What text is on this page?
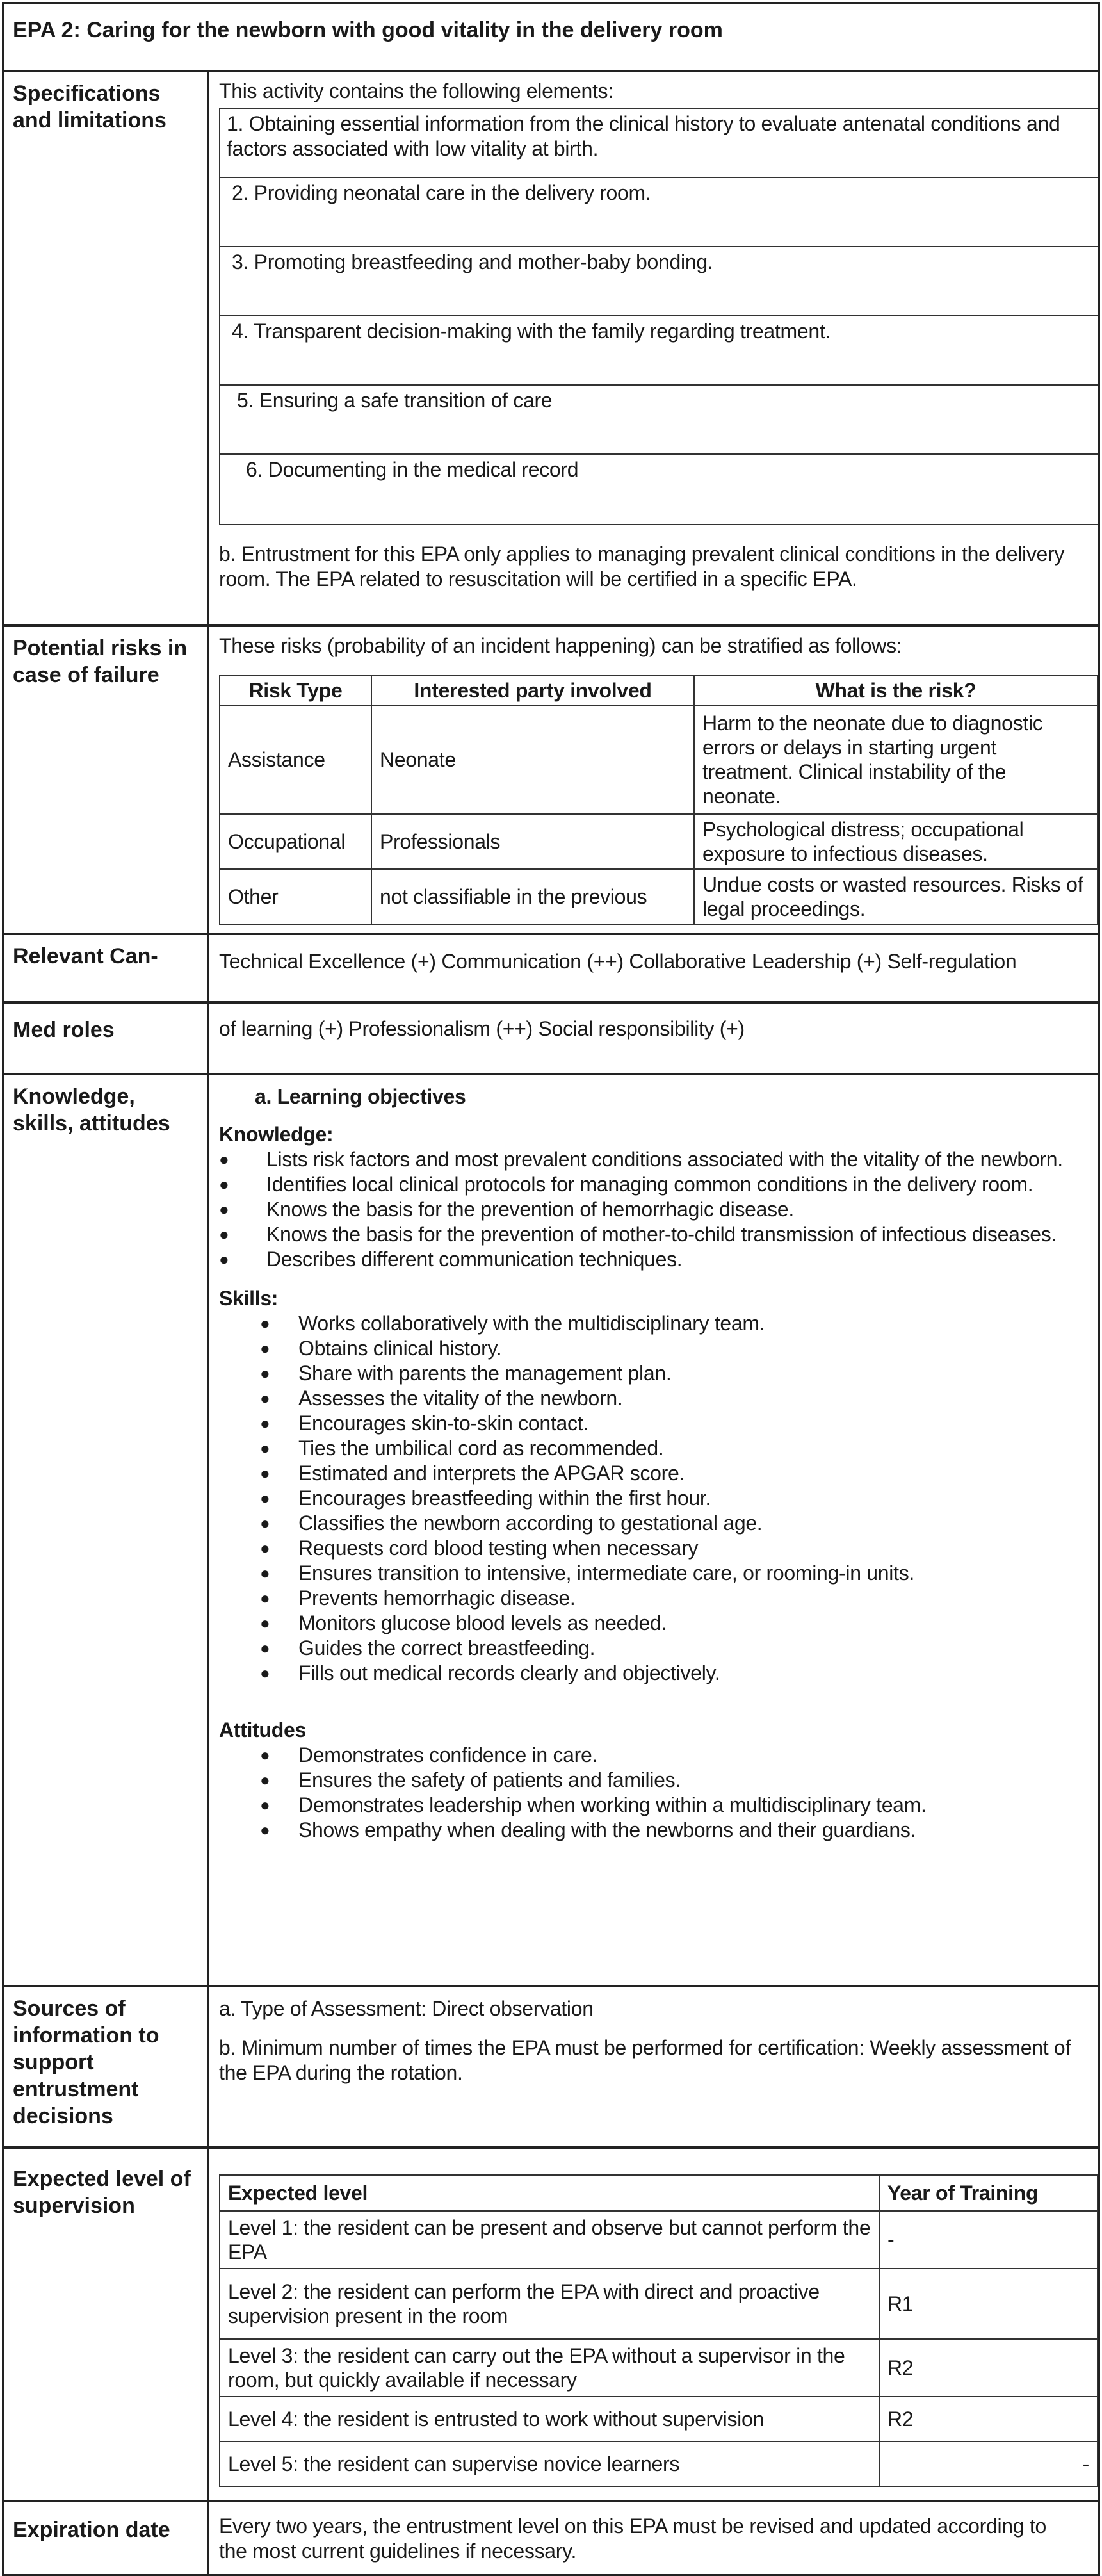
EPA 2: Caring for the newborn with good vitality in the delivery room
Specifications and limitations
This activity contains the following elements:
1. Obtaining essential information from the clinical history to evaluate antenatal conditions and factors associated with low vitality at birth.
2. Providing neonatal care in the delivery room.
3. Promoting breastfeeding and mother-baby bonding.
4. Transparent decision-making with the family regarding treatment.
5. Ensuring a safe transition of care
6. Documenting in the medical record
b. Entrustment for this EPA only applies to managing prevalent clinical conditions in the delivery room. The EPA related to resuscitation will be certified in a specific EPA.
Potential risks in case of failure
These risks (probability of an incident happening) can be stratified as follows:
Risk Type	Interested party involved	What is the risk?
Assistance	Neonate	Harm to the neonate due to diagnostic errors or delays in starting urgent treatment. Clinical instability of the neonate.
Occupational	Professionals	Psychological distress; occupational exposure to infectious diseases.
Other	not classifiable in the previous	Undue costs or wasted resources. Risks of legal proceedings.
Relevant Can-	Technical Excellence (+) Communication (++) Collaborative Leadership (+) Self-regulation
Med roles	of learning (+) Professionalism (++) Social responsibility (+)
Knowledge, skills, attitudes
a. Learning objectives
Knowledge:
● Lists risk factors and most prevalent conditions associated with the vitality of the newborn.
● Identifies local clinical protocols for managing common conditions in the delivery room.
● Knows the basis for the prevention of hemorrhagic disease.
● Knows the basis for the prevention of mother-to-child transmission of infectious diseases.
● Describes different communication techniques.
Skills:
● Works collaboratively with the multidisciplinary team.
● Obtains clinical history.
● Share with parents the management plan.
● Assesses the vitality of the newborn.
● Encourages skin-to-skin contact.
● Ties the umbilical cord as recommended.
● Estimated and interprets the APGAR score.
● Encourages breastfeeding within the first hour.
● Classifies the newborn according to gestational age.
● Requests cord blood testing when necessary
● Ensures transition to intensive, intermediate care, or rooming-in units.
● Prevents hemorrhagic disease.
● Monitors glucose blood levels as needed.
● Guides the correct breastfeeding.
● Fills out medical records clearly and objectively.
Attitudes
● Demonstrates confidence in care.
● Ensures the safety of patients and families.
● Demonstrates leadership when working within a multidisciplinary team.
● Shows empathy when dealing with the newborns and their guardians.
Sources of information to support entrustment decisions
a. Type of Assessment: Direct observation
b. Minimum number of times the EPA must be performed for certification: Weekly assessment of the EPA during the rotation.
Expected level of supervision
Expected level	Year of Training
Level 1: the resident can be present and observe but cannot perform the EPA	-
Level 2: the resident can perform the EPA with direct and proactive supervision present in the room	R1
Level 3: the resident can carry out the EPA without a supervisor in the room, but quickly available if necessary	R2
Level 4: the resident is entrusted to work without supervision	R2
Level 5: the resident can supervise novice learners	-
Expiration date	Every two years, the entrustment level on this EPA must be revised and updated according to the most current guidelines if necessary.
